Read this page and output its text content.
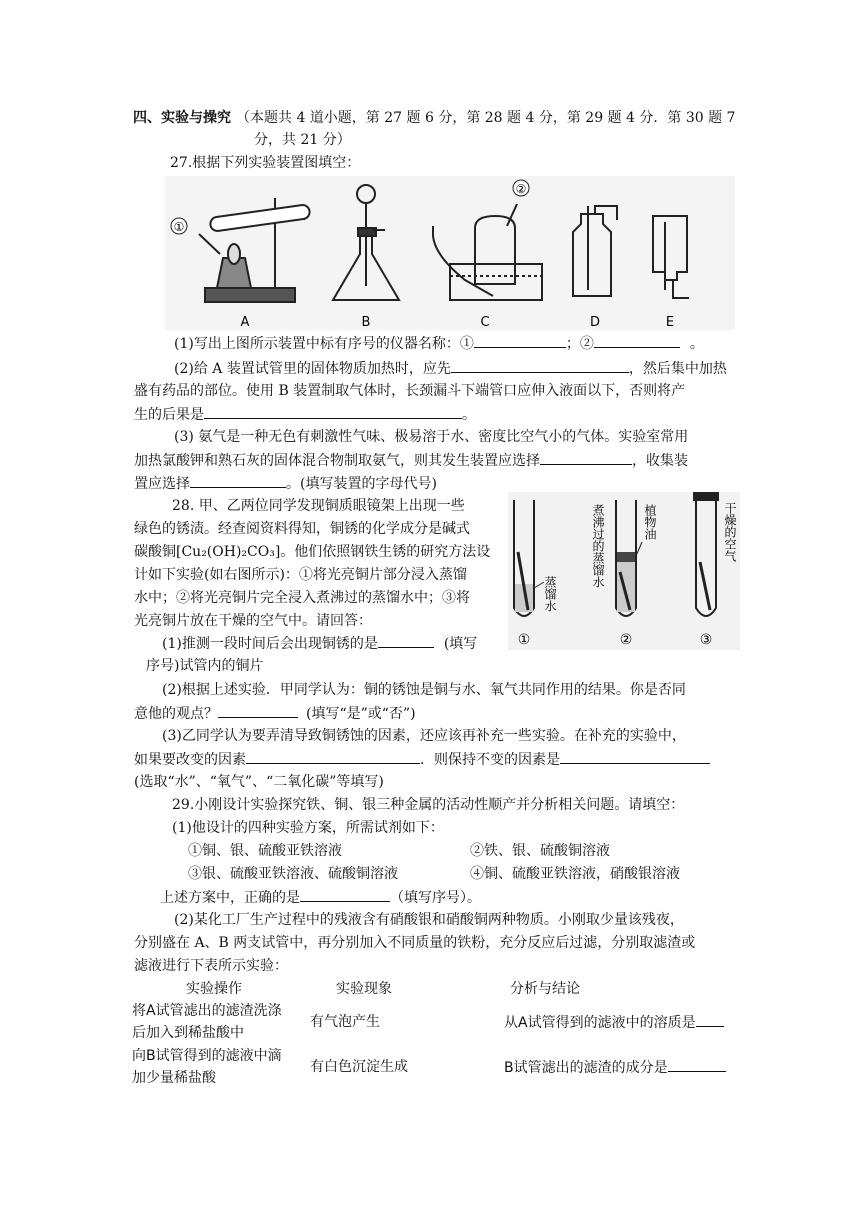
四、实验与操究 （本题共 4 道小题，第 27 题 6 分，第 28 题 4 分，第 29 题 4 分．第 30 题 7
分，共 21 分）
27.根据下列实验装置图填空：
①
②
A	B	C	D	E
(1)写出上图所示装置中标有序号的仪器名称：①	；②	。
(2)给 A 装置试管里的固体物质加热时，应先	，然后集中加热
盛有药品的部位。使用 B 装置制取气体时，长颈漏斗下端管口应伸入液面以下，否则将产
生的后果是	。
(3) 氨气是一种无色有刺激性气味、极易溶于水、密度比空气小的气体。实验室常用
加热氯酸钾和熟石灰的固体混合物制取氨气，则其发生装置应选择	，收集装
置应选择	。(填写装置的字母代号)
28. 甲、乙两位同学发现铜质眼镜架上出现一些
绿色的锈渍。经查阅资料得知，铜锈的化学成分是碱式
碳酸铜[Cu₂(OH)₂CO₃]。他们依照钢铁生锈的研究方法设
计如下实验(如右图所示)：①将光亮铜片部分浸入蒸馏
水中；②将光亮铜片完全浸入煮沸过的蒸馏水中；③将
光亮铜片放在干燥的空气中。请回答：
蒸馏水
煮沸过的蒸馏水	植物油	干燥的空气
①	②	③
(1)推测一段时间后会出现铜锈的是	(填写
序号)试管内的铜片
(2)根据上述实验．甲同学认为：铜的锈蚀是铜与水、氧气共同作用的结果。你是否同
意他的观点？	(填写“是”或“否”)
(3)乙同学认为要弄清导致铜锈蚀的因素，还应该再补充一些实验。在补充的实验中，
如果要改变的因素	．则保持不变的因素是
(选取“水”、“氧气”、“二氧化碳”等填写)
29.小刚设计实验探究铁、铜、银三种金属的活动性顺产并分析相关问题。请填空：
(1)他设计的四种实验方案，所需试剂如下：
①铜、银、硫酸亚铁溶液	②铁、银、硫酸铜溶液
③银、硫酸亚铁溶液、硫酸铜溶液	④铜、硫酸亚铁溶液，硝酸银溶液
上述方案中，正确的是	（填写序号）。
(2)某化工厂生产过程中的残液含有硝酸银和硝酸铜两种物质。小刚取少量该残夜，
分别盛在 A、B 两支试管中，再分别加入不同质量的铁粉，充分反应后过滤，分别取滤渣或
滤液进行下表所示实验：
实验操作	实验现象	分析与结论
将A试管滤出的滤渣洗涤
后加入到稀盐酸中
有气泡产生	从A试管得到的滤液中的溶质是
向B试管得到的滤液中滴
加少量稀盐酸
有白色沉淀生成	B试管滤出的滤渣的成分是
